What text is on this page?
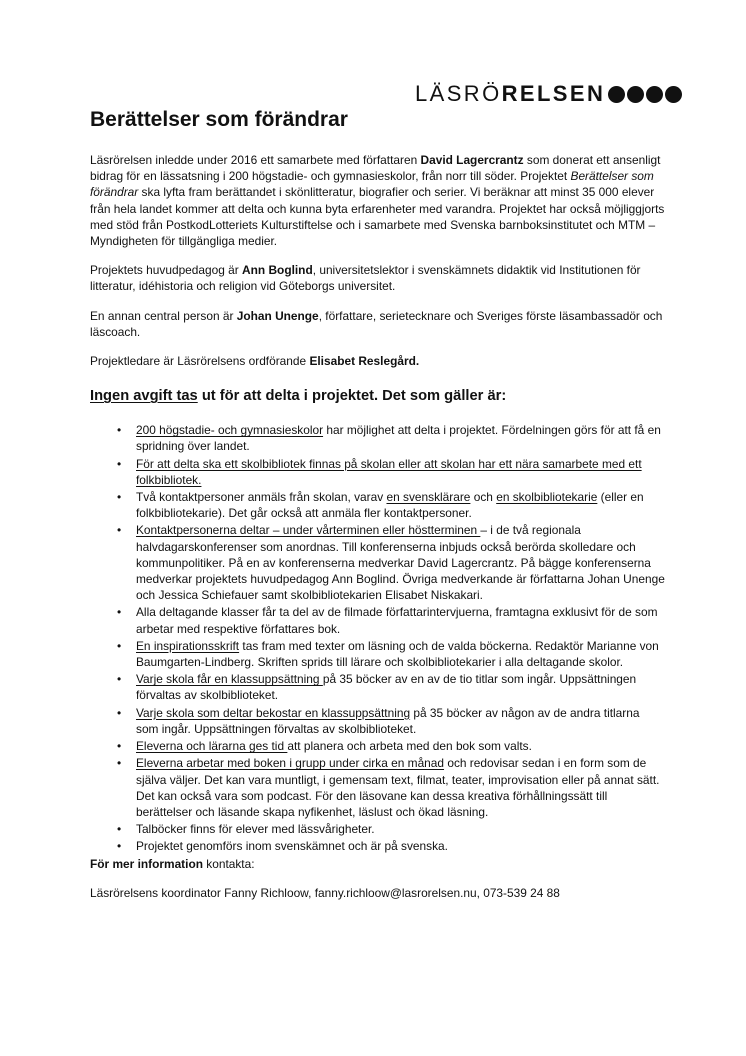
LÄSRÖ RELSEN
Berättelser som förändrar

Läsrörelsen inledde under 2016 ett samarbete med författaren David Lagercrantz som donerat ett ansenligt bidrag för en lässatsning i 200 högstadie- och gymnasieskolor, från norr till söder. Projektet Berättelser som förändrar ska lyfta fram berättandet i skönlitteratur, biografier och serier. Vi beräknar att minst 35 000 elever från hela landet kommer att delta och kunna byta erfarenheter med varandra. Projektet har också möjliggjorts med stöd från PostkodLotteriets Kulturstiftelse och i samarbete med Svenska barnboksinstitutet och MTM – Myndigheten för tillgängliga medier.

Projektets huvudpedagog är Ann Boglind, universitetslektor i svenskämnets didaktik vid Institutionen för litteratur, idéhistoria och religion vid Göteborgs universitet.

En annan central person är Johan Unenge, författare, serietecknare och Sveriges förste läsambassadör och läscoach.

Projektledare är Läsrörelsens ordförande Elisabet Reslegård.

Ingen avgift tas ut för att delta i projektet. Det som gäller är:
• 200 högstadie- och gymnasieskolor har möjlighet att delta i projektet. Fördelningen görs för att få en spridning över landet.
• För att delta ska ett skolbibliotek finnas på skolan eller att skolan har ett nära samarbete med ett folkbibliotek.
• Två kontaktpersoner anmäls från skolan, varav en svensklärare och en skolbibliotekarie (eller en folkbibliotekarie). Det går också att anmäla fler kontaktpersoner.
• Kontaktpersonerna deltar – under vårterminen eller höstterminen – i de två regionala halvdagarskonferenser som anordnas. Till konferenserna inbjuds också berörda skolledare och kommunpolitiker. På en av konferenserna medverkar David Lagercrantz. På bägge konferenserna medverkar projektets huvudpedagog Ann Boglind. Övriga medverkande är författarna Johan Unenge och Jessica Schiefauer samt skolbibliotekarien Elisabet Niskakari.
• Alla deltagande klasser får ta del av de filmade författarintervjuerna, framtagna exklusivt för de som arbetar med respektive författares bok.
• En inspirationsskrift tas fram med texter om läsning och de valda böckerna. Redaktör Marianne von Baumgarten-Lindberg. Skriften sprids till lärare och skolbibliotekarier i alla deltagande skolor.
• Varje skola får en klassuppsättning på 35 böcker av en av de tio titlar som ingår. Uppsättningen förvaltas av skolbiblioteket.
• Varje skola som deltar bekostar en klassuppsättning på 35 böcker av någon av de andra titlarna som ingår. Uppsättningen förvaltas av skolbiblioteket.
• Eleverna och lärarna ges tid att planera och arbeta med den bok som valts.
• Eleverna arbetar med boken i grupp under cirka en månad och redovisar sedan i en form som de själva väljer. Det kan vara muntligt, i gemensam text, filmat, teater, improvisation eller på annat sätt. Det kan också vara som podcast. För den läsovane kan dessa kreativa förhållningssätt till berättelser och läsande skapa nyfikenhet, läslust och ökad läsning.
• Talböcker finns för elever med lässvårigheter.
• Projektet genomförs inom svenskämnet och är på svenska.

För mer information kontakta:

Läsrörelsens koordinator Fanny Richloow, fanny.richloow@lasrorelsen.nu, 073-539 24 88
